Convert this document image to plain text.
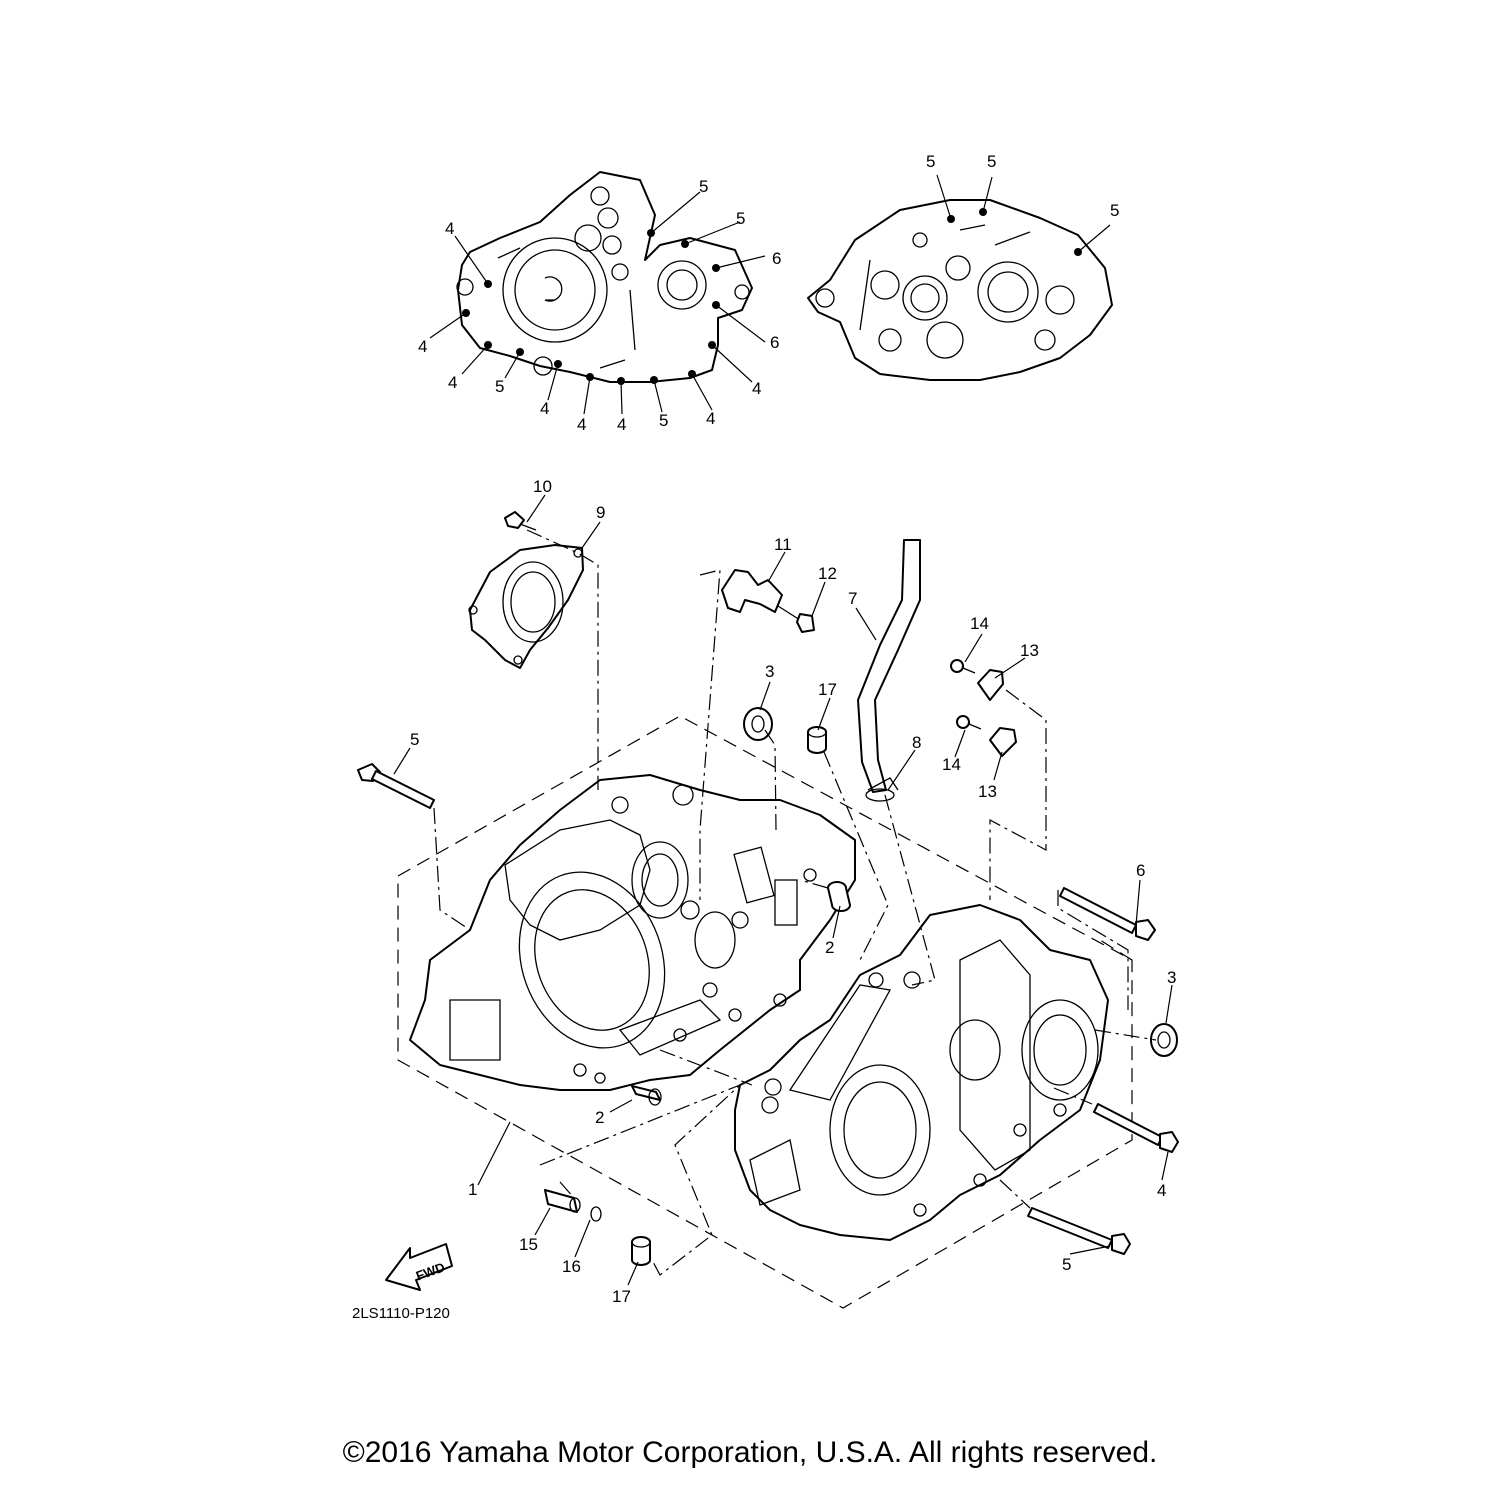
FWD
4
4
4
4
5
4 4	4
5
4
6
6
5
5
5	5
5
10
9
11
12
7
3
17
14
13
8
14
13
5
6
2
3
2
1	4
15
16
17
5
2LS1110-P120
©2016 Yamaha Motor Corporation, U.S.A. All rights reserved.
